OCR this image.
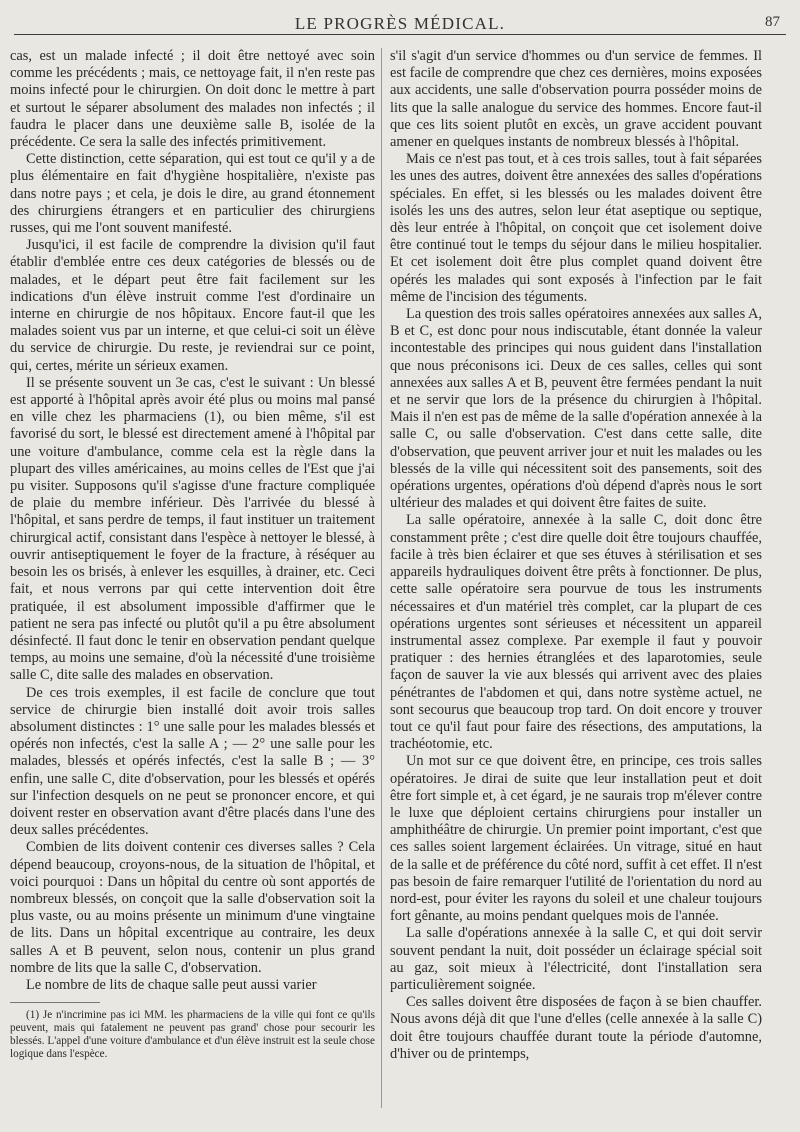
LE PROGRÈS MÉDICAL.	87

cas, est un malade infecté ; il doit être nettoyé avec soin comme les précédents ; mais, ce nettoyage fait, il n'en reste pas moins infecté pour le chirurgien. On doit donc le mettre à part et surtout le séparer absolument des malades non infectés ; il faudra le placer dans une deuxième salle B, isolée de la précédente. Ce sera la salle des infectés primitivement.

Cette distinction, cette séparation, qui est tout ce qu'il y a de plus élémentaire en fait d'hygiène hospitalière, n'existe pas dans notre pays ; et cela, je dois le dire, au grand étonnement des chirurgiens étrangers et en particulier des chirurgiens russes, qui me l'ont souvent manifesté.

Jusqu'ici, il est facile de comprendre la division qu'il faut établir d'emblée entre ces deux catégories de blessés ou de malades, et le départ peut être fait facilement sur les indications d'un élève instruit comme l'est d'ordinaire un interne en chirurgie de nos hôpitaux. Encore faut-il que les malades soient vus par un interne, et que celui-ci soit un élève du service de chirurgie. Du reste, je reviendrai sur ce point, qui, certes, mérite un sérieux examen.

Il se présente souvent un 3e cas, c'est le suivant : Un blessé est apporté à l'hôpital après avoir été plus ou moins mal pansé en ville chez les pharmaciens (1), ou bien même, s'il est favorisé du sort, le blessé est directement amené à l'hôpital par une voiture d'ambulance, comme cela est la règle dans la plupart des villes américaines, au moins celles de l'Est que j'ai pu visiter. Supposons qu'il s'agisse d'une fracture compliquée de plaie du membre inférieur. Dès l'arrivée du blessé à l'hôpital, et sans perdre de temps, il faut instituer un traitement chirurgical actif, consistant dans l'espèce à nettoyer le blessé, à ouvrir antiseptiquement le foyer de la fracture, à réséquer au besoin les os brisés, à enlever les esquilles, à drainer, etc. Ceci fait, et nous verrons par qui cette intervention doit être pratiquée, il est absolument impossible d'affirmer que le patient ne sera pas infecté ou plutôt qu'il a pu être absolument désinfecté. Il faut donc le tenir en observation pendant quelque temps, au moins une semaine, d'où la nécessité d'une troisième salle C, dite salle des malades en observation.

De ces trois exemples, il est facile de conclure que tout service de chirurgie bien installé doit avoir trois salles absolument distinctes : 1° une salle pour les malades blessés et opérés non infectés, c'est la salle A ; — 2° une salle pour les malades, blessés et opérés infectés, c'est la salle B ; — 3° enfin, une salle C, dite d'observation, pour les blessés et opérés sur l'infection desquels on ne peut se prononcer encore, et qui doivent rester en observation avant d'être placés dans l'une des deux salles précédentes.

Combien de lits doivent contenir ces diverses salles ? Cela dépend beaucoup, croyons-nous, de la situation de l'hôpital, et voici pourquoi : Dans un hôpital du centre où sont apportés de nombreux blessés, on conçoit que la salle d'observation soit la plus vaste, ou au moins présente un minimum d'une vingtaine de lits. Dans un hôpital excentrique au contraire, les deux salles A et B peuvent, selon nous, contenir un plus grand nombre de lits que la salle C, d'observation.

Le nombre de lits de chaque salle peut aussi varier

(1) Je n'incrimine pas ici MM. les pharmaciens de la ville qui font ce qu'ils peuvent, mais qui fatalement ne peuvent pas grand' chose pour secourir les blessés. L'appel d'une voiture d'ambulance et d'un élève instruit est la seule chose logique dans l'espèce.

s'il s'agit d'un service d'hommes ou d'un service de femmes. Il est facile de comprendre que chez ces dernières, moins exposées aux accidents, une salle d'observation pourra posséder moins de lits que la salle analogue du service des hommes. Encore faut-il que ces lits soient plutôt en excès, un grave accident pouvant amener en quelques instants de nombreux blessés à l'hôpital.

Mais ce n'est pas tout, et à ces trois salles, tout à fait séparées les unes des autres, doivent être annexées des salles d'opérations spéciales. En effet, si les blessés ou les malades doivent être isolés les uns des autres, selon leur état aseptique ou septique, dès leur entrée à l'hôpital, on conçoit que cet isolement doive être continué tout le temps du séjour dans le milieu hospitalier. Et cet isolement doit être plus complet quand doivent être opérés les malades qui sont exposés à l'infection par le fait même de l'incision des téguments.

La question des trois salles opératoires annexées aux salles A, B et C, est donc pour nous indiscutable, étant donnée la valeur incontestable des principes qui nous guident dans l'installation que nous préconisons ici. Deux de ces salles, celles qui sont annexées aux salles A et B, peuvent être fermées pendant la nuit et ne servir que lors de la présence du chirurgien à l'hôpital. Mais il n'en est pas de même de la salle d'opération annexée à la salle C, ou salle d'observation. C'est dans cette salle, dite d'observation, que peuvent arriver jour et nuit les malades ou les blessés de la ville qui nécessitent soit des pansements, soit des opérations urgentes, opérations d'où dépend d'après nous le sort ultérieur des malades et qui doivent être faites de suite.

La salle opératoire, annexée à la salle C, doit donc être constamment prête ; c'est dire quelle doit être toujours chauffée, facile à très bien éclairer et que ses étuves à stérilisation et ses appareils hydrauliques doivent être prêts à fonctionner. De plus, cette salle opératoire sera pourvue de tous les instruments nécessaires et d'un matériel très complet, car la plupart de ces opérations urgentes sont sérieuses et nécessitent un appareil instrumental assez complexe. Par exemple il faut y pouvoir pratiquer : des hernies étranglées et des laparotomies, seule façon de sauver la vie aux blessés qui arrivent avec des plaies pénétrantes de l'abdomen et qui, dans notre système actuel, ne sont secourus que beaucoup trop tard. On doit encore y trouver tout ce qu'il faut pour faire des résections, des amputations, la trachéotomie, etc.

Un mot sur ce que doivent être, en principe, ces trois salles opératoires. Je dirai de suite que leur installation peut et doit être fort simple et, à cet égard, je ne saurais trop m'élever contre le luxe que déploient certains chirurgiens pour installer un amphithéâtre de chirurgie. Un premier point important, c'est que ces salles soient largement éclairées. Un vitrage, situé en haut de la salle et de préférence du côté nord, suffit à cet effet. Il n'est pas besoin de faire remarquer l'utilité de l'orientation du nord au nord-est, pour éviter les rayons du soleil et une chaleur toujours fort gênante, au moins pendant quelques mois de l'année.

La salle d'opérations annexée à la salle C, et qui doit servir souvent pendant la nuit, doit posséder un éclairage spécial soit au gaz, soit mieux à l'électricité, dont l'installation sera particulièrement soignée.

Ces salles doivent être disposées de façon à se bien chauffer. Nous avons déjà dit que l'une d'elles (celle annexée à la salle C) doit être toujours chauffée durant toute la période d'automne, d'hiver ou de printemps,
